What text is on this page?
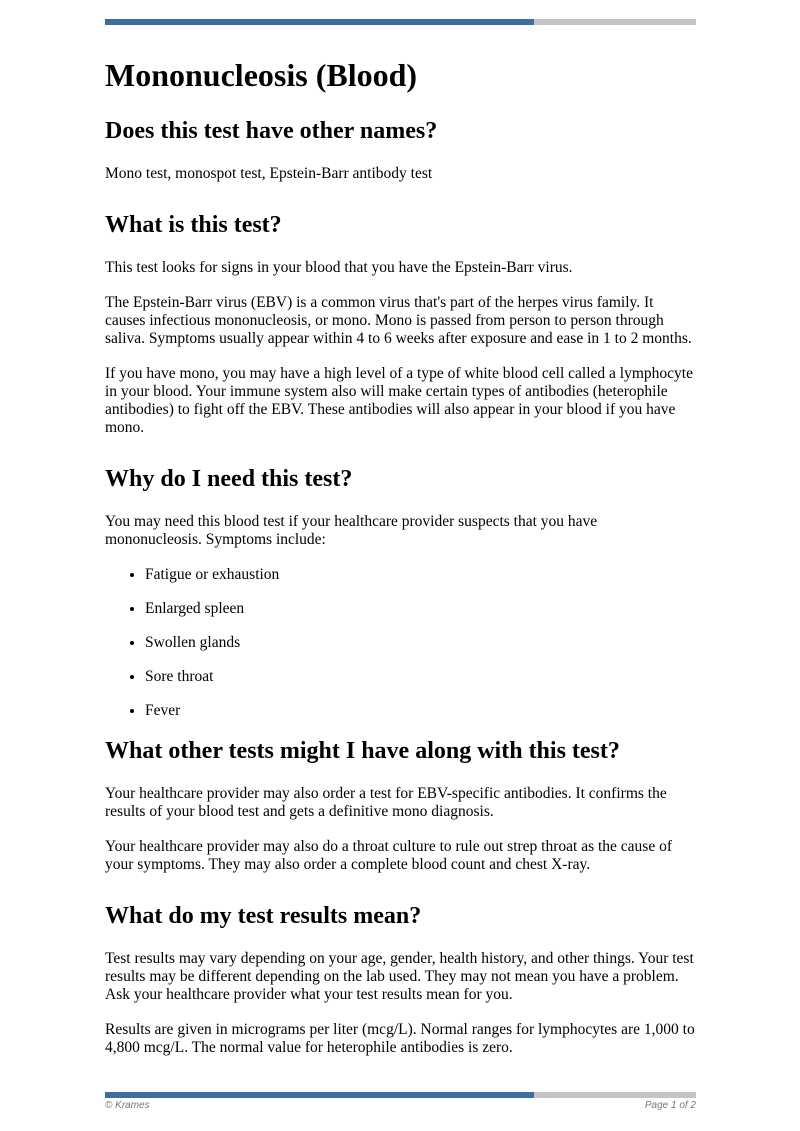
Mononucleosis (Blood)
Does this test have other names?

Mono test, monospot test, Epstein-Barr antibody test

What is this test?

This test looks for signs in your blood that you have the Epstein-Barr virus.

The Epstein-Barr virus (EBV) is a common virus that's part of the herpes virus family. It causes infectious mononucleosis, or mono. Mono is passed from person to person through saliva. Symptoms usually appear within 4 to 6 weeks after exposure and ease in 1 to 2 months.

If you have mono, you may have a high level of a type of white blood cell called a lymphocyte in your blood. Your immune system also will make certain types of antibodies (heterophile antibodies) to fight off the EBV. These antibodies will also appear in your blood if you have mono.

Why do I need this test?

You may need this blood test if your healthcare provider suspects that you have mononucleosis. Symptoms include:

• Fatigue or exhaustion
• Enlarged spleen
• Swollen glands
• Sore throat
• Fever
What other tests might I have along with this test?

Your healthcare provider may also order a test for EBV-specific antibodies. It confirms the results of your blood test and gets a definitive mono diagnosis.

Your healthcare provider may also do a throat culture to rule out strep throat as the cause of your symptoms. They may also order a complete blood count and chest X-ray.

What do my test results mean?

Test results may vary depending on your age, gender, health history, and other things. Your test results may be different depending on the lab used. They may not mean you have a problem. Ask your healthcare provider what your test results mean for you.

Results are given in micrograms per liter (mcg/L). Normal ranges for lymphocytes are 1,000 to 4,800 mcg/L. The normal value for heterophile antibodies is zero.

© Krames	Page 1 of 2
